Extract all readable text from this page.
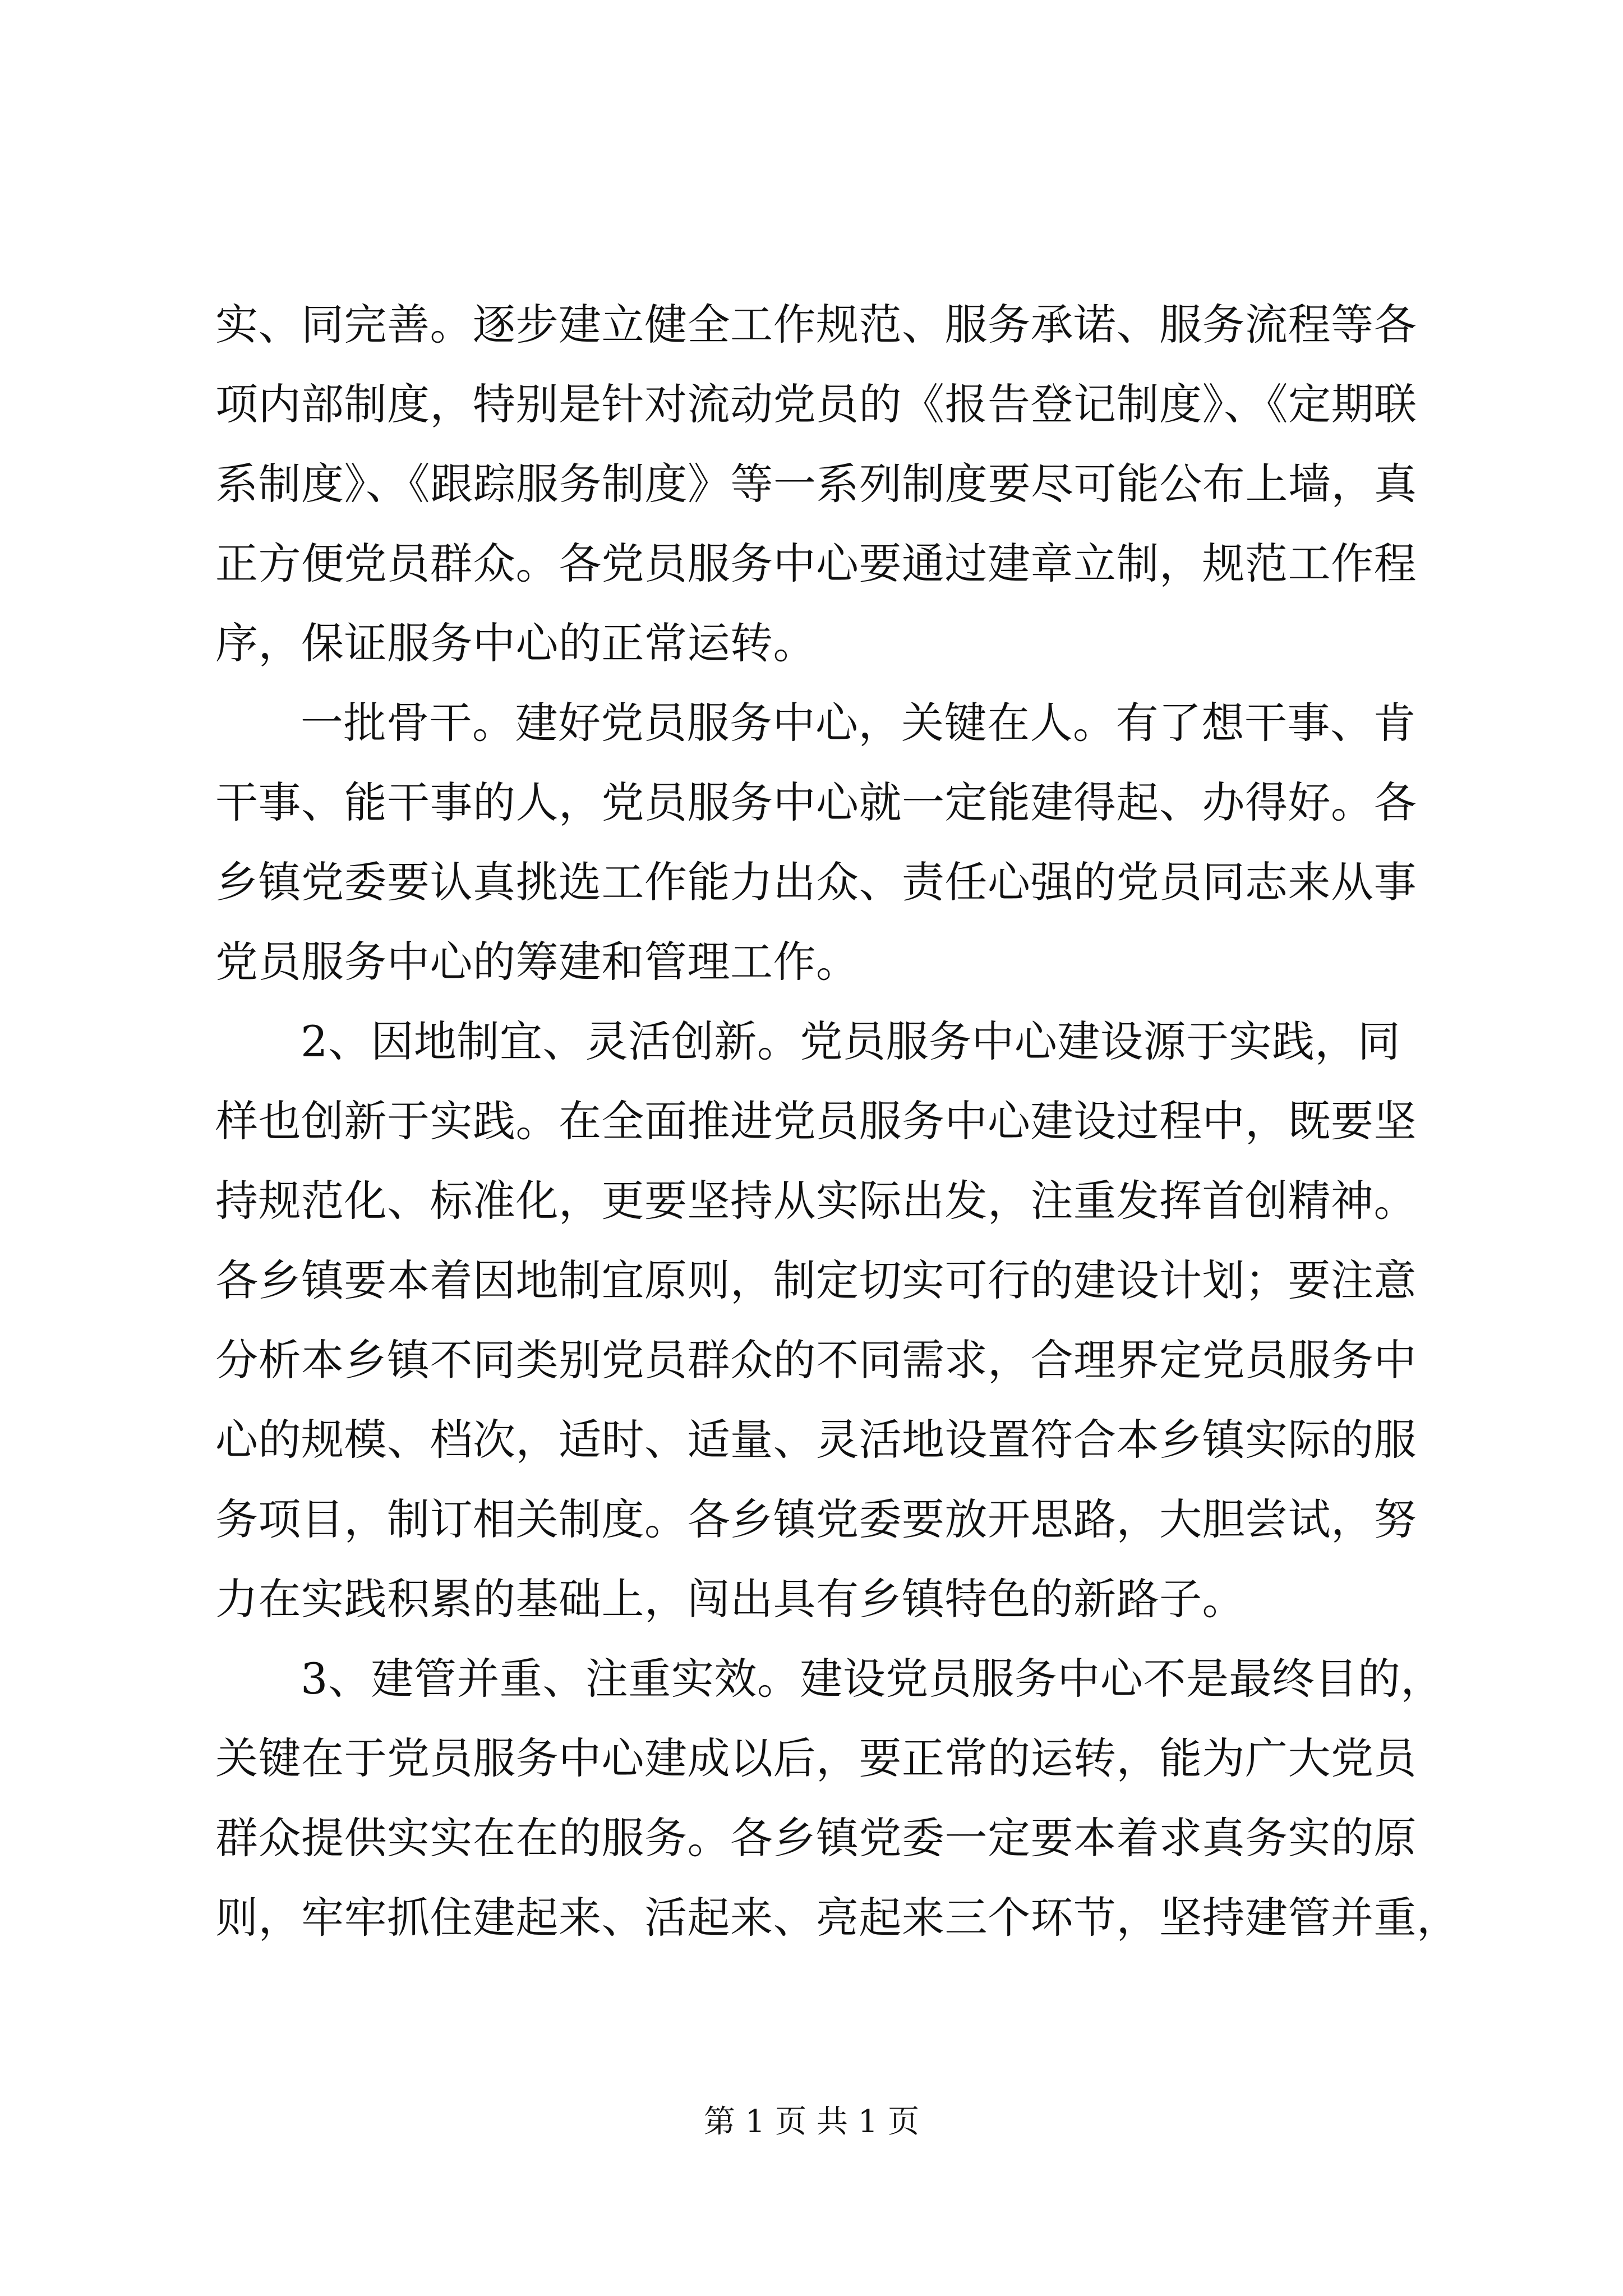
实、同完善。逐步建立健全工作规范、服务承诺、服务流程等各
项内部制度，特别是针对流动党员的《报告登记制度》、《定期联
系制度》、《跟踪服务制度》等一系列制度要尽可能公布上墙，真
正方便党员群众。各党员服务中心要通过建章立制，规范工作程
序，保证服务中心的正常运转。

一批骨干。建好党员服务中心，关键在人。有了想干事、肯
干事、能干事的人，党员服务中心就一定能建得起、办得好。各
乡镇党委要认真挑选工作能力出众、责任心强的党员同志来从事
党员服务中心的筹建和管理工作。

2、因地制宜、灵活创新。党员服务中心建设源于实践，同
样也创新于实践。在全面推进党员服务中心建设过程中，既要坚
持规范化、标准化，更要坚持从实际出发，注重发挥首创精神。
各乡镇要本着因地制宜原则，制定切实可行的建设计划；要注意
分析本乡镇不同类别党员群众的不同需求，合理界定党员服务中
心的规模、档次，适时、适量、灵活地设置符合本乡镇实际的服
务项目，制订相关制度。各乡镇党委要放开思路，大胆尝试，努
力在实践积累的基础上，闯出具有乡镇特色的新路子。

3、建管并重、注重实效。建设党员服务中心不是最终目的，
关键在于党员服务中心建成以后，要正常的运转，能为广大党员
群众提供实实在在的服务。各乡镇党委一定要本着求真务实的原
则，牢牢抓住建起来、活起来、亮起来三个环节，坚持建管并重，

第 1 页 共 1 页
